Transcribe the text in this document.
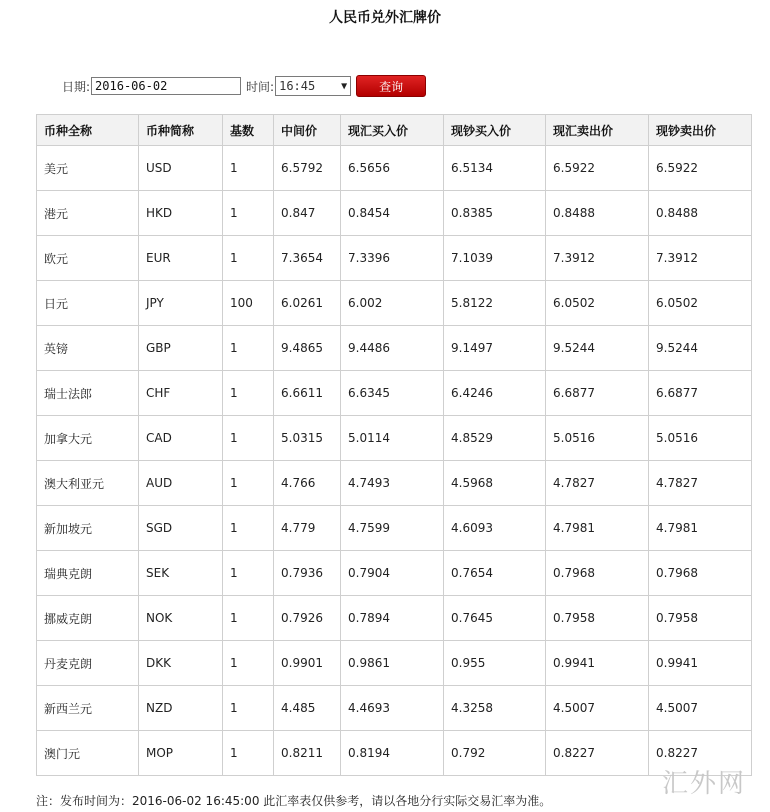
人民币兑外汇牌价
日期:
2016-06-02	时间: 16:45	▼	查询
币种全称	币种简称	基数	中间价	现汇买入价	现钞买入价	现汇卖出价	现钞卖出价
美元	USD	1	6.5792	6.5656	6.5134	6.5922	6.5922
港元	HKD	1	0.847	0.8454	0.8385	0.8488	0.8488
欧元	EUR	1	7.3654	7.3396	7.1039	7.3912	7.3912
日元	JPY	100	6.0261	6.002	5.8122	6.0502	6.0502
英镑	GBP	1	9.4865	9.4486	9.1497	9.5244	9.5244
瑞士法郎	CHF	1	6.6611	6.6345	6.4246	6.6877	6.6877
加拿大元	CAD	1	5.0315	5.0114	4.8529	5.0516	5.0516
澳大利亚元	AUD	1	4.766	4.7493	4.5968	4.7827	4.7827
新加坡元	SGD	1	4.779	4.7599	4.6093	4.7981	4.7981
瑞典克朗	SEK	1	0.7936	0.7904	0.7654	0.7968	0.7968
挪威克朗	NOK	1	0.7926	0.7894	0.7645	0.7958	0.7958
丹麦克朗	DKK	1	0.9901	0.9861	0.955	0.9941	0.9941
新西兰元	NZD	1	4.485	4.4693	4.3258	4.5007	4.5007
澳门元	MOP	1	0.8211	0.8194	0.792	0.8227	0.8227
注：发布时间为：2016-06-02 16:45:00 此汇率表仅供参考，请以各地分行实际交易汇率为准。
汇外网
